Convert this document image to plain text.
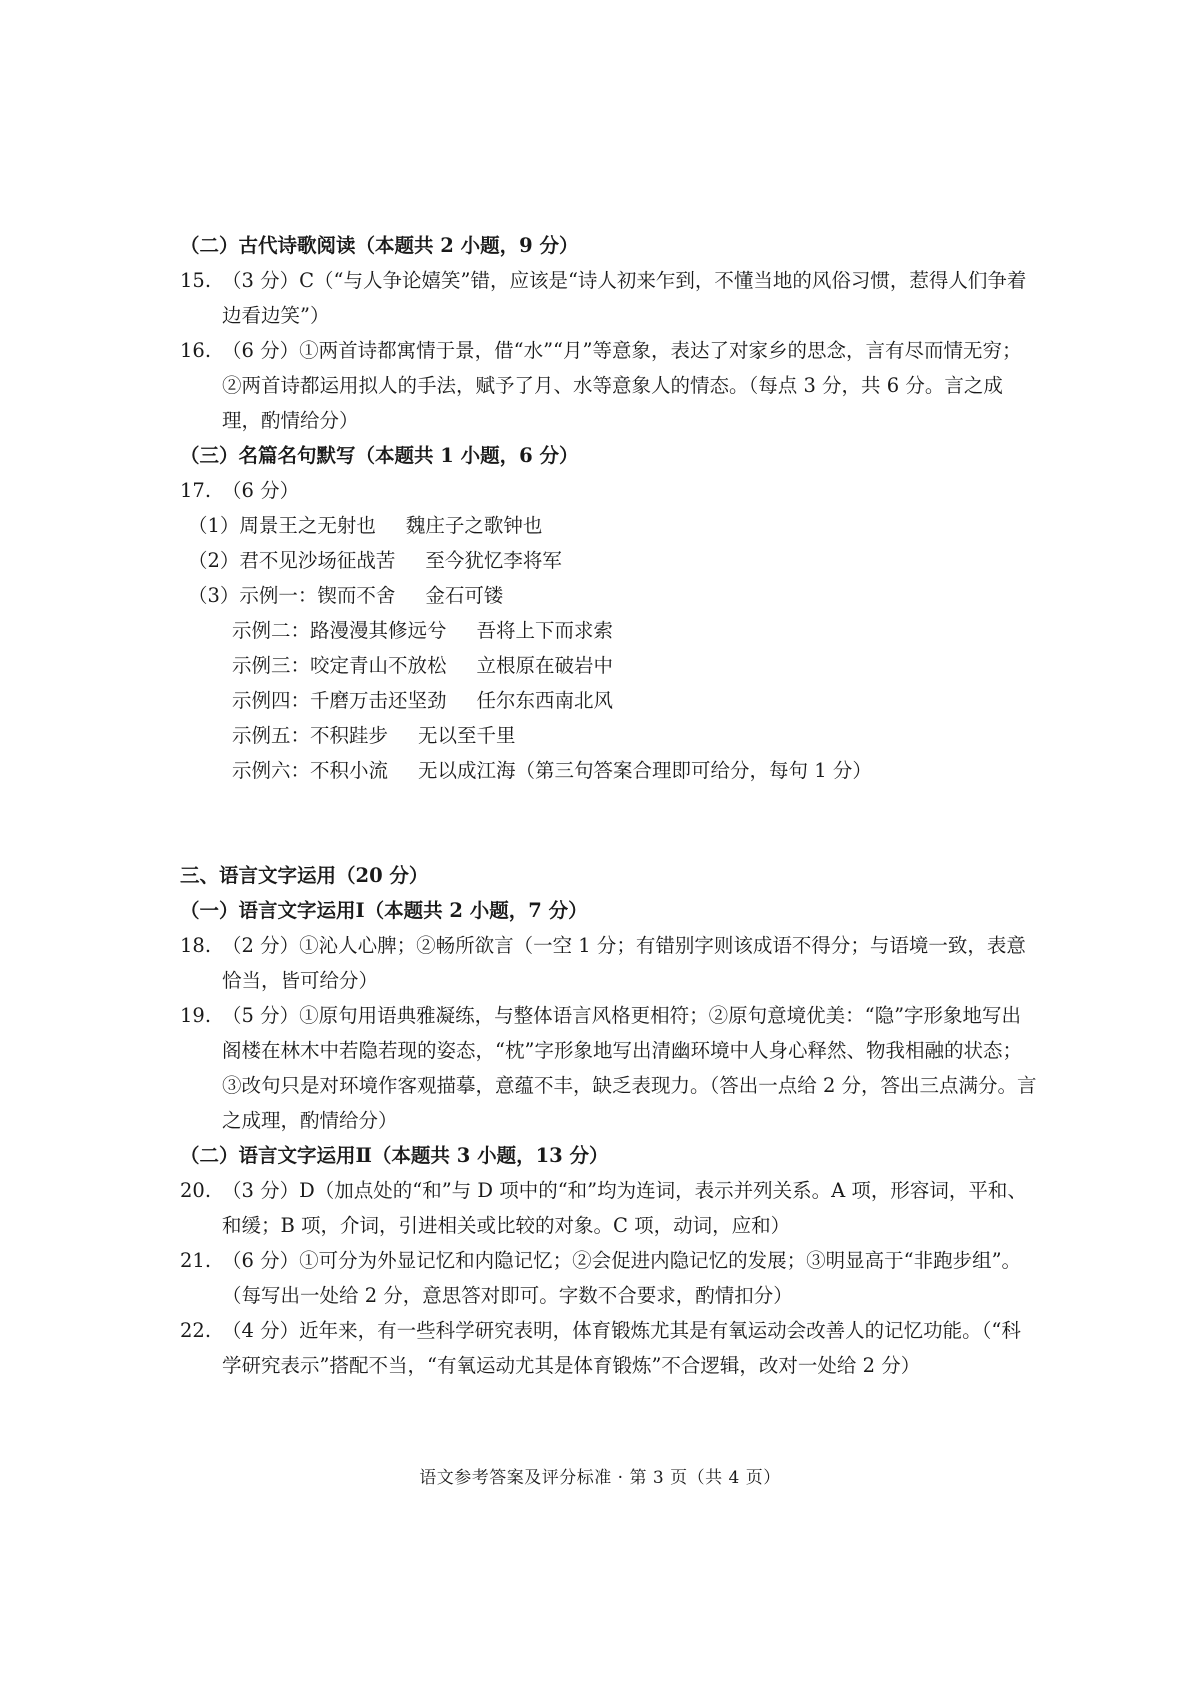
（二）古代诗歌阅读（本题共 2 小题，9 分）

15. （3 分）C（“与人争论嬉笑”错，应该是“诗人初来乍到，不懂当地的风俗习惯，惹得人们争着边看边笑”）

16. （6 分）①两首诗都寓情于景，借“水”“月”等意象，表达了对家乡的思念，言有尽而情无穷；②两首诗都运用拟人的手法，赋予了月、水等意象人的情态。（每点 3 分，共 6 分。言之成理，酌情给分）

（三）名篇名句默写（本题共 1 小题，6 分）

17. （6 分）

（1）周景王之无射也 魏庄子之歌钟也

（2）君不见沙场征战苦 至今犹忆李将军

（3）示例一：锲而不舍 金石可镂

示例二：路漫漫其修远兮 吾将上下而求索

示例三：咬定青山不放松 立根原在破岩中

示例四：千磨万击还坚劲 任尔东西南北风

示例五：不积跬步 无以至千里

示例六：不积小流 无以成江海（第三句答案合理即可给分，每句 1 分）

三、语言文字运用（20 分）

（一）语言文字运用Ⅰ（本题共 2 小题，7 分）

18. （2 分）①沁人心脾；②畅所欲言（一空 1 分；有错别字则该成语不得分；与语境一致，表意恰当，皆可给分）

19. （5 分）①原句用语典雅凝练，与整体语言风格更相符；②原句意境优美：“隐”字形象地写出阁楼在林木中若隐若现的姿态，“枕”字形象地写出清幽环境中人身心释然、物我相融的状态；③改句只是对环境作客观描摹，意蕴不丰，缺乏表现力。（答出一点给 2 分，答出三点满分。言之成理，酌情给分）

（二）语言文字运用Ⅱ（本题共 3 小题，13 分）

20. （3 分）D（加点处的“和”与 D 项中的“和”均为连词，表示并列关系。A 项，形容词，平和、和缓；B 项，介词，引进相关或比较的对象。C 项，动词，应和）

21. （6 分）①可分为外显记忆和内隐记忆；②会促进内隐记忆的发展；③明显高于“非跑步组”。（每写出一处给 2 分，意思答对即可。字数不合要求，酌情扣分）

22. （4 分）近年来，有一些科学研究表明，体育锻炼尤其是有氧运动会改善人的记忆功能。（“科学研究表示”搭配不当，“有氧运动尤其是体育锻炼”不合逻辑，改对一处给 2 分）

语文参考答案及评分标准 · 第 3 页（共 4 页）
